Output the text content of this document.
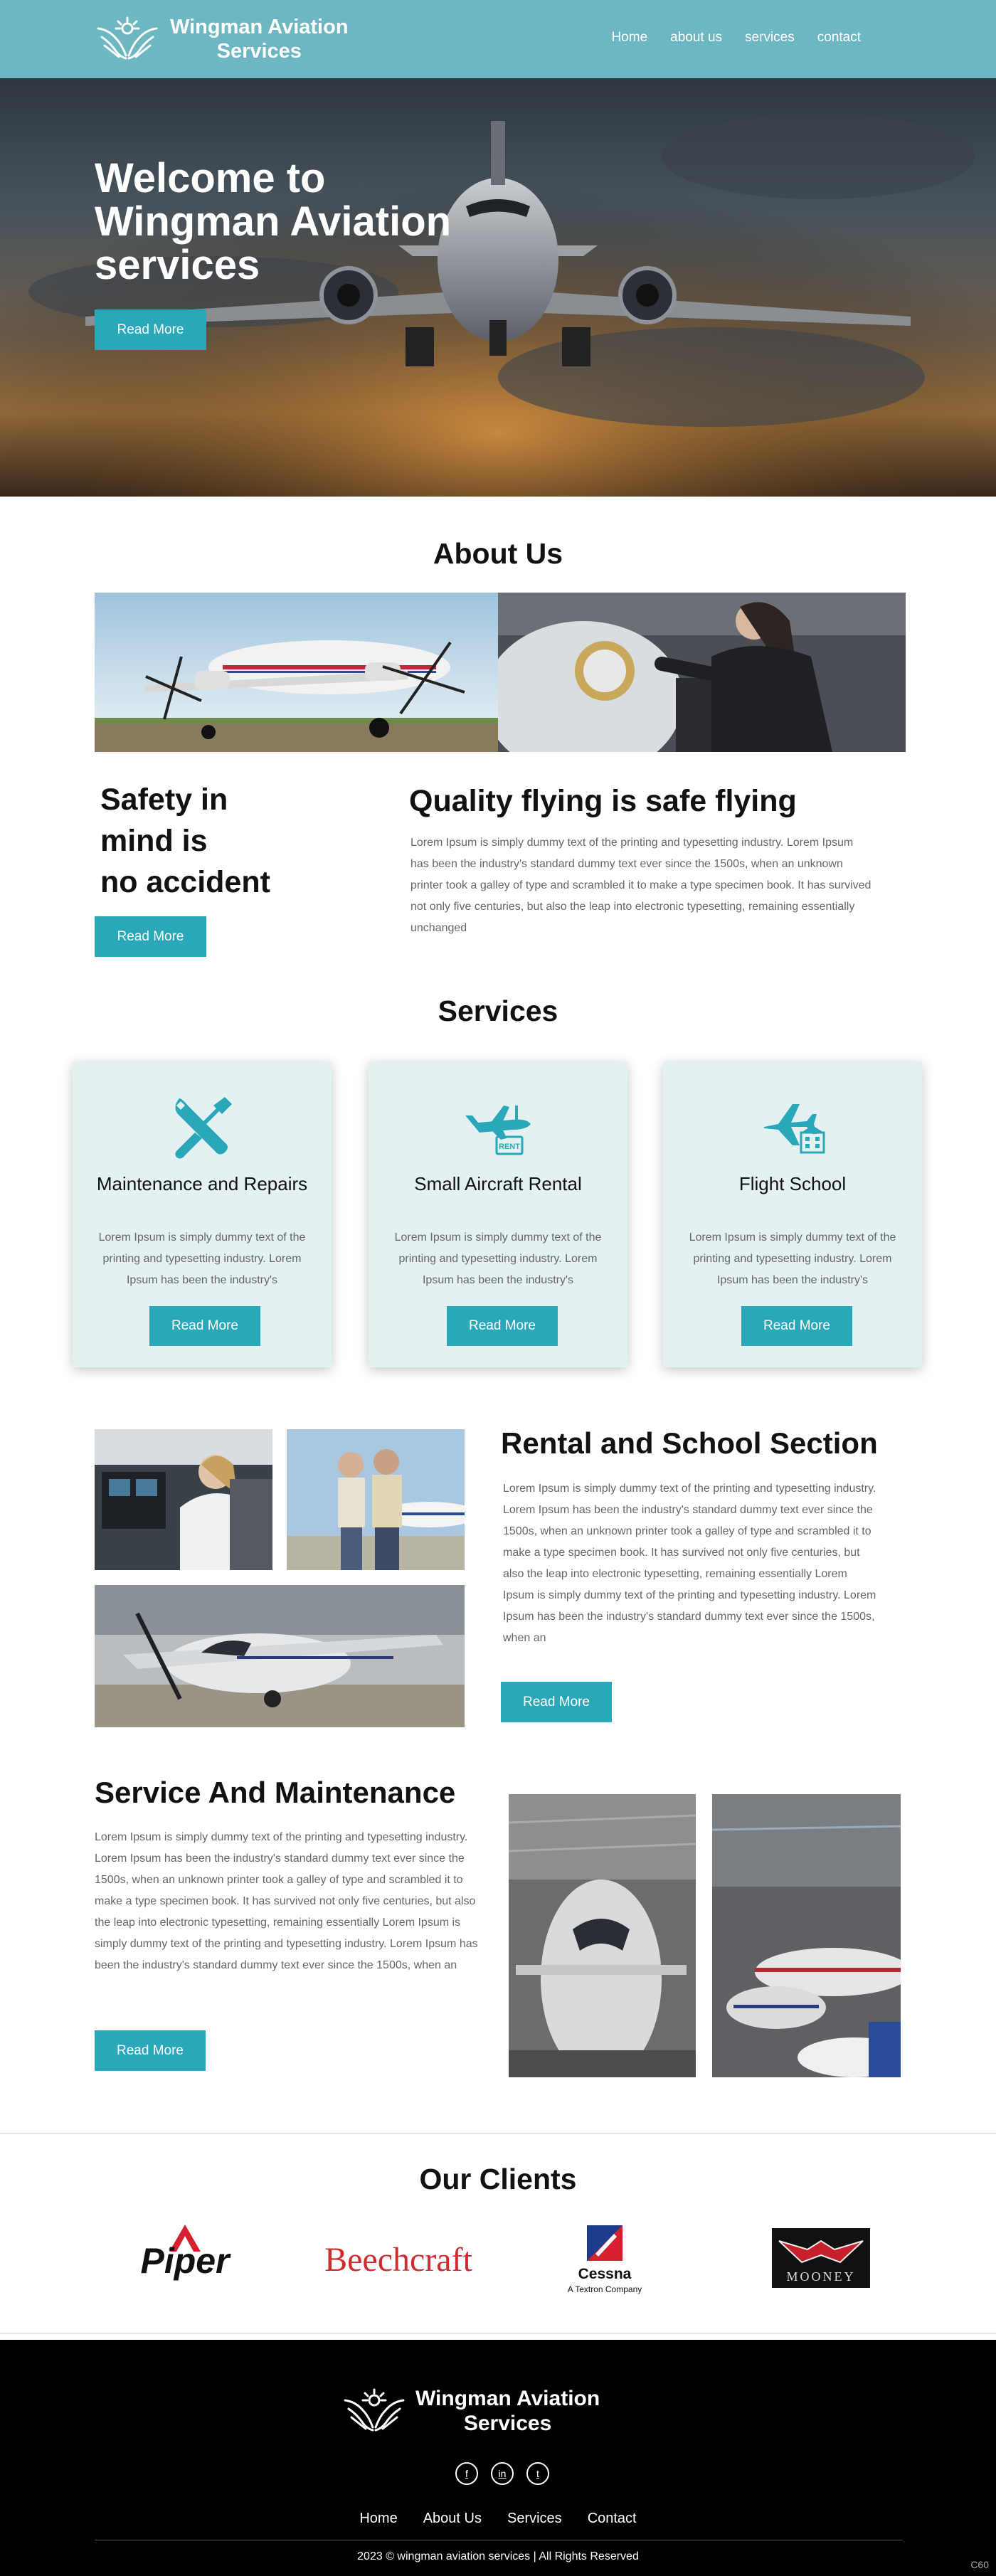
Wingman Aviation
Services
Home about us services contact
Welcome to Wingman Aviation services
Read More
About Us
Safety in
mind is
no accident
Read More
Quality flying is safe flying
Lorem Ipsum is simply dummy text of the printing and typesetting industry. Lorem Ipsum has been the industry's standard dummy text ever since the 1500s, when an unknown printer took a galley of type and scrambled it to make a type specimen book. It has survived not only five centuries, but also the leap into electronic typesetting, remaining essentially unchanged
Services
Maintenance and Repairs
Lorem Ipsum is simply dummy text of the printing and typesetting industry. Lorem Ipsum has been the industry's
Read More
RENT
Small Aircraft Rental
Lorem Ipsum is simply dummy text of the printing and typesetting industry. Lorem Ipsum has been the industry's
Read More
Flight School
Lorem Ipsum is simply dummy text of the printing and typesetting industry. Lorem Ipsum has been the industry's
Read More
Rental and School Section
Lorem Ipsum is simply dummy text of the printing and typesetting industry. Lorem Ipsum has been the industry's standard dummy text ever since the 1500s, when an unknown printer took a galley of type and scrambled it to make a type specimen book. It has survived not only five centuries, but also the leap into electronic typesetting, remaining essentially Lorem Ipsum is simply dummy text of the printing and typesetting industry. Lorem Ipsum has been the industry's standard dummy text ever since the 1500s, when an
Read More
Service And Maintenance
Lorem Ipsum is simply dummy text of the printing and typesetting industry. Lorem Ipsum has been the industry's standard dummy text ever since the 1500s, when an unknown printer took a galley of type and scrambled it to make a type specimen book. It has survived not only five centuries, but also the leap into electronic typesetting, remaining essentially Lorem Ipsum is simply dummy text of the printing and typesetting industry. Lorem Ipsum has been the industry's standard dummy text ever since the 1500s, when an
Read More
Our Clients
Piper	Beechcraft	Cessna
A Textron Company
MOONEY
Wingman Aviation
Services
f	in	t
Home About Us Services Contact
2023 © wingman aviation services | All Rights Reserved
C60
